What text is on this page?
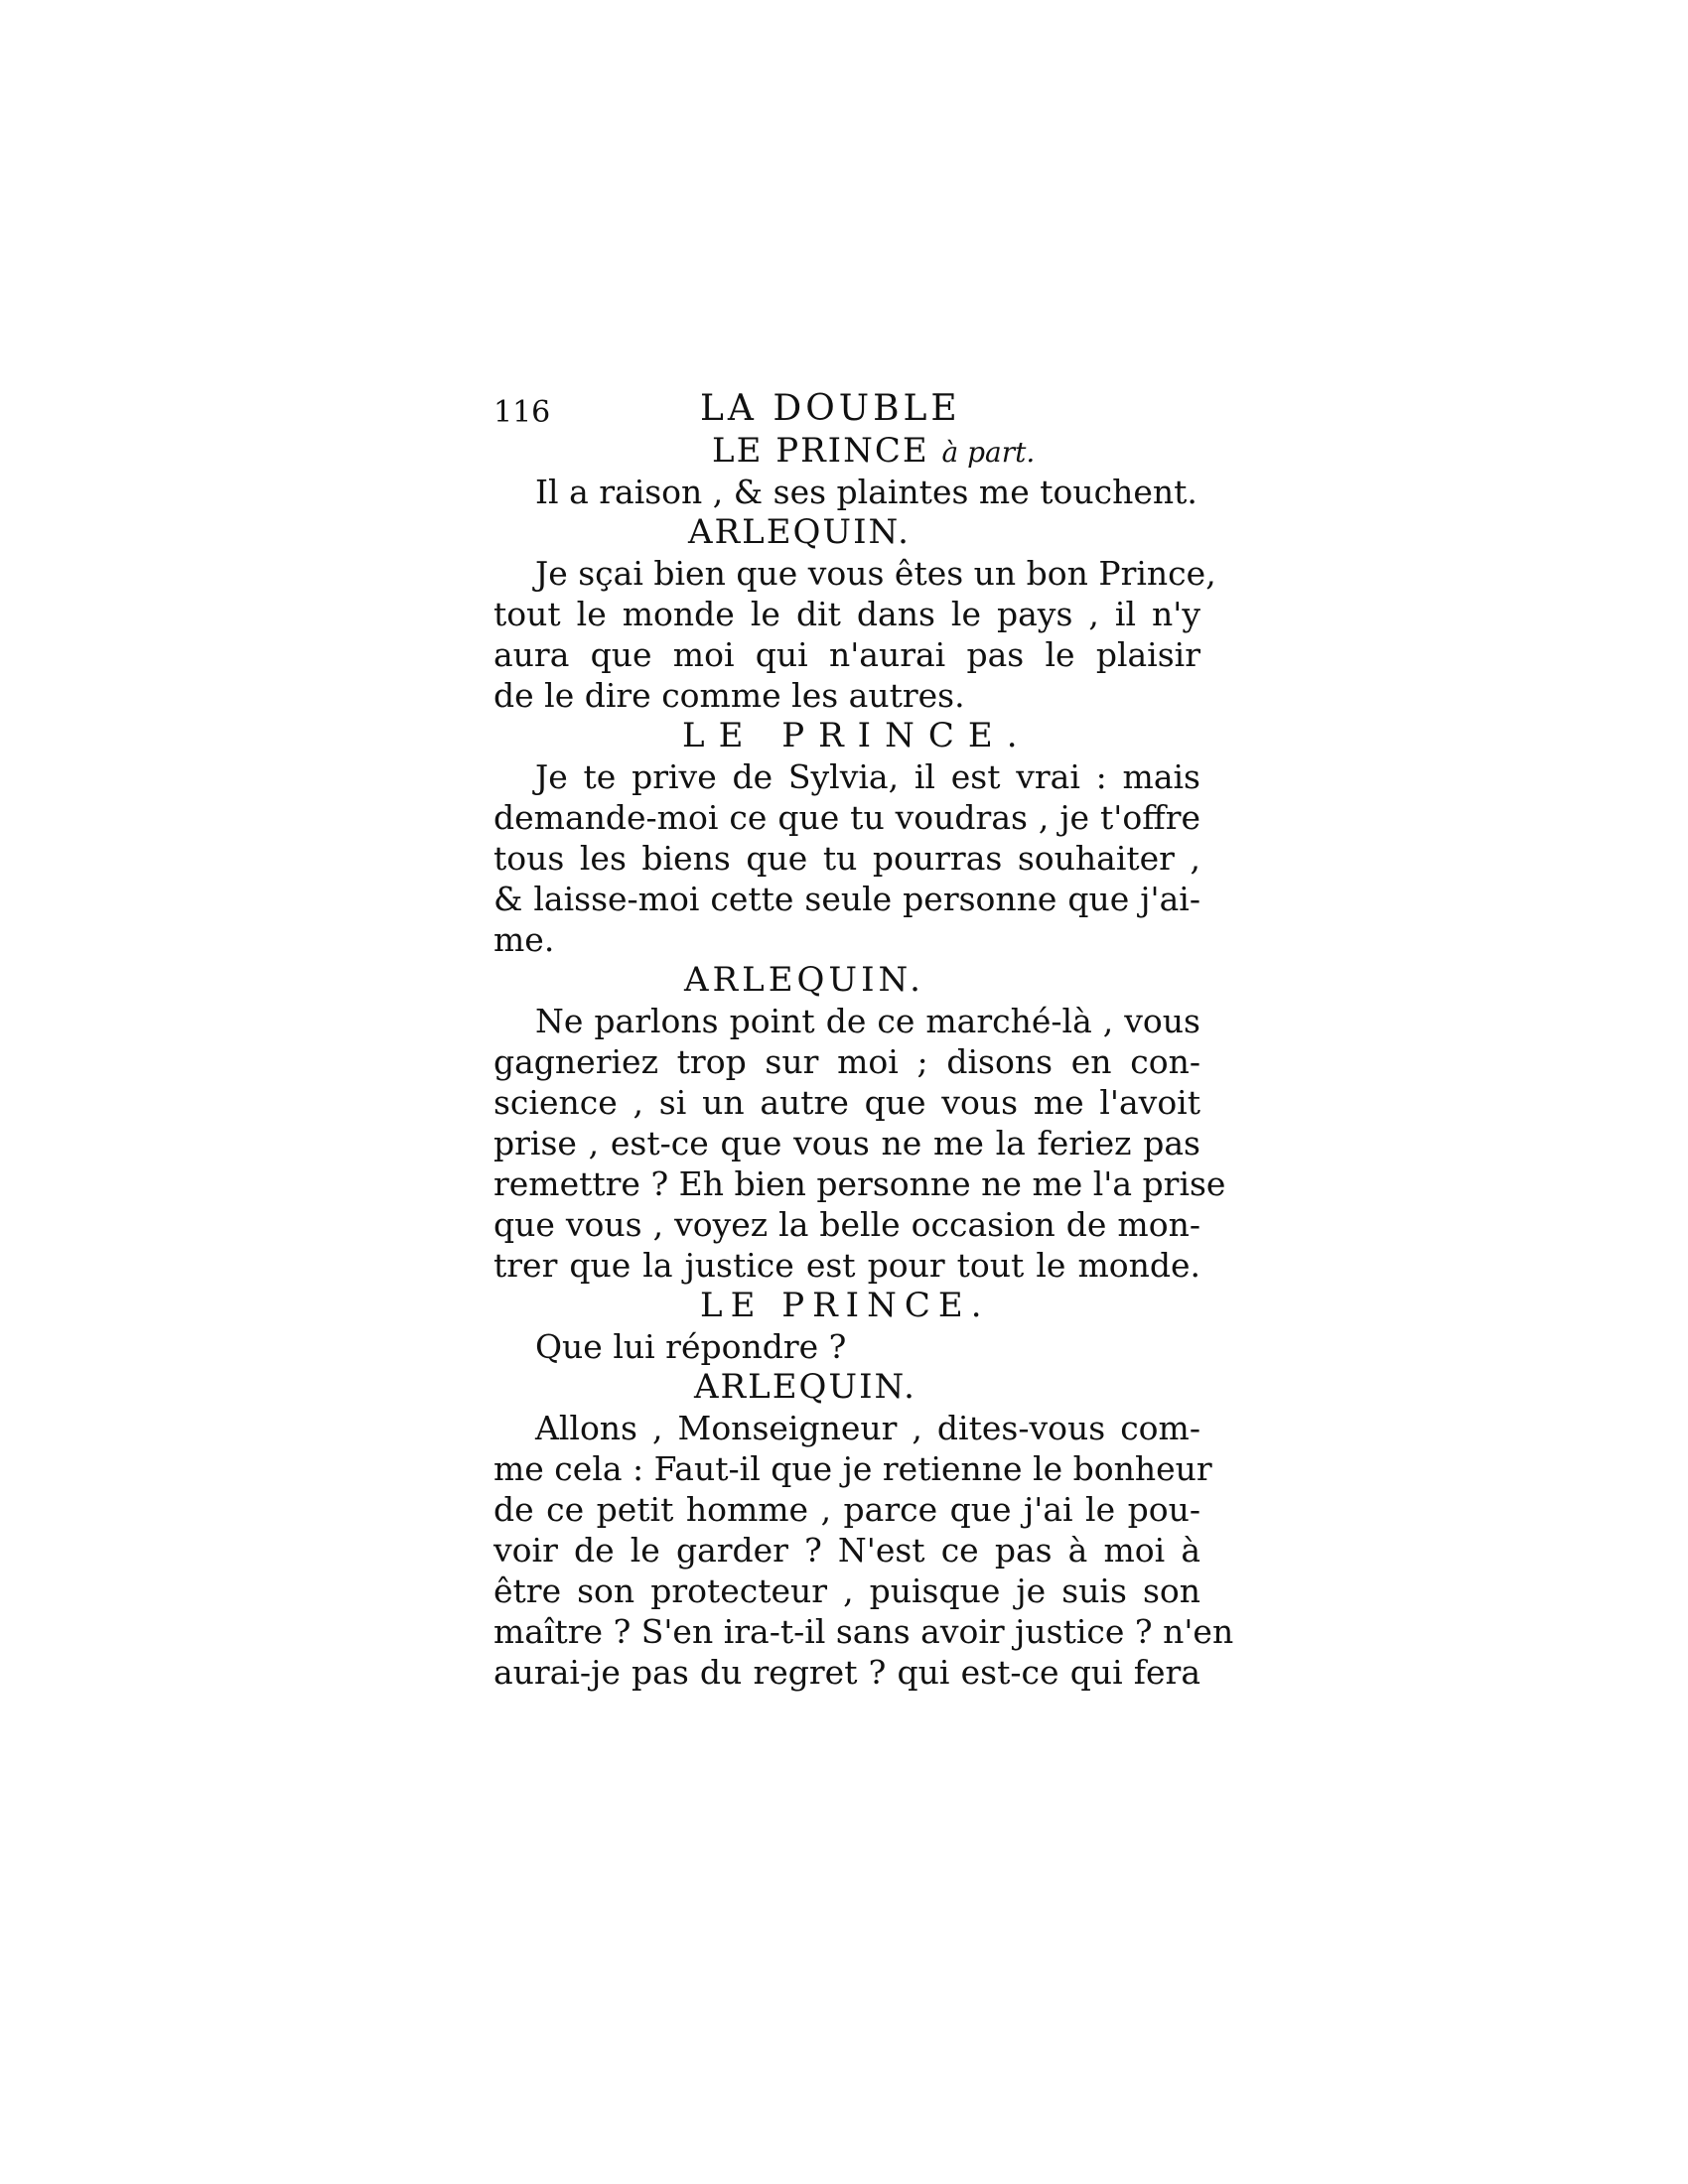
116	LA DOUBLE
LE PRINCE à part.
Il a raison , & ses plaintes me touchent.
ARLEQUIN.
Je sçai bien que vous êtes un bon Prince,
tout le monde le dit dans le pays , il n'y
aura que moi qui n'aurai pas le plaisir
de le dire comme les autres.
LE PRINCE.
Je te prive de Sylvia, il est vrai : mais
demande-moi ce que tu voudras , je t'offre
tous les biens que tu pourras souhaiter ,
& laisse-moi cette seule personne que j'ai-
me.
ARLEQUIN.
Ne parlons point de ce marché-là , vous
gagneriez trop sur moi ; disons en con-
science , si un autre que vous me l'avoit
prise , est-ce que vous ne me la feriez pas
remettre ? Eh bien personne ne me l'a prise
que vous , voyez la belle occasion de mon-
trer que la justice est pour tout le monde.
LE PRINCE.
Que lui répondre ?
ARLEQUIN.
Allons , Monseigneur , dites-vous com-
me cela : Faut-il que je retienne le bonheur
de ce petit homme , parce que j'ai le pou-
voir de le garder ? N'est ce pas à moi à
être son protecteur , puisque je suis son
maître ? S'en ira-t-il sans avoir justice ? n'en
aurai-je pas du regret ? qui est-ce qui fera
